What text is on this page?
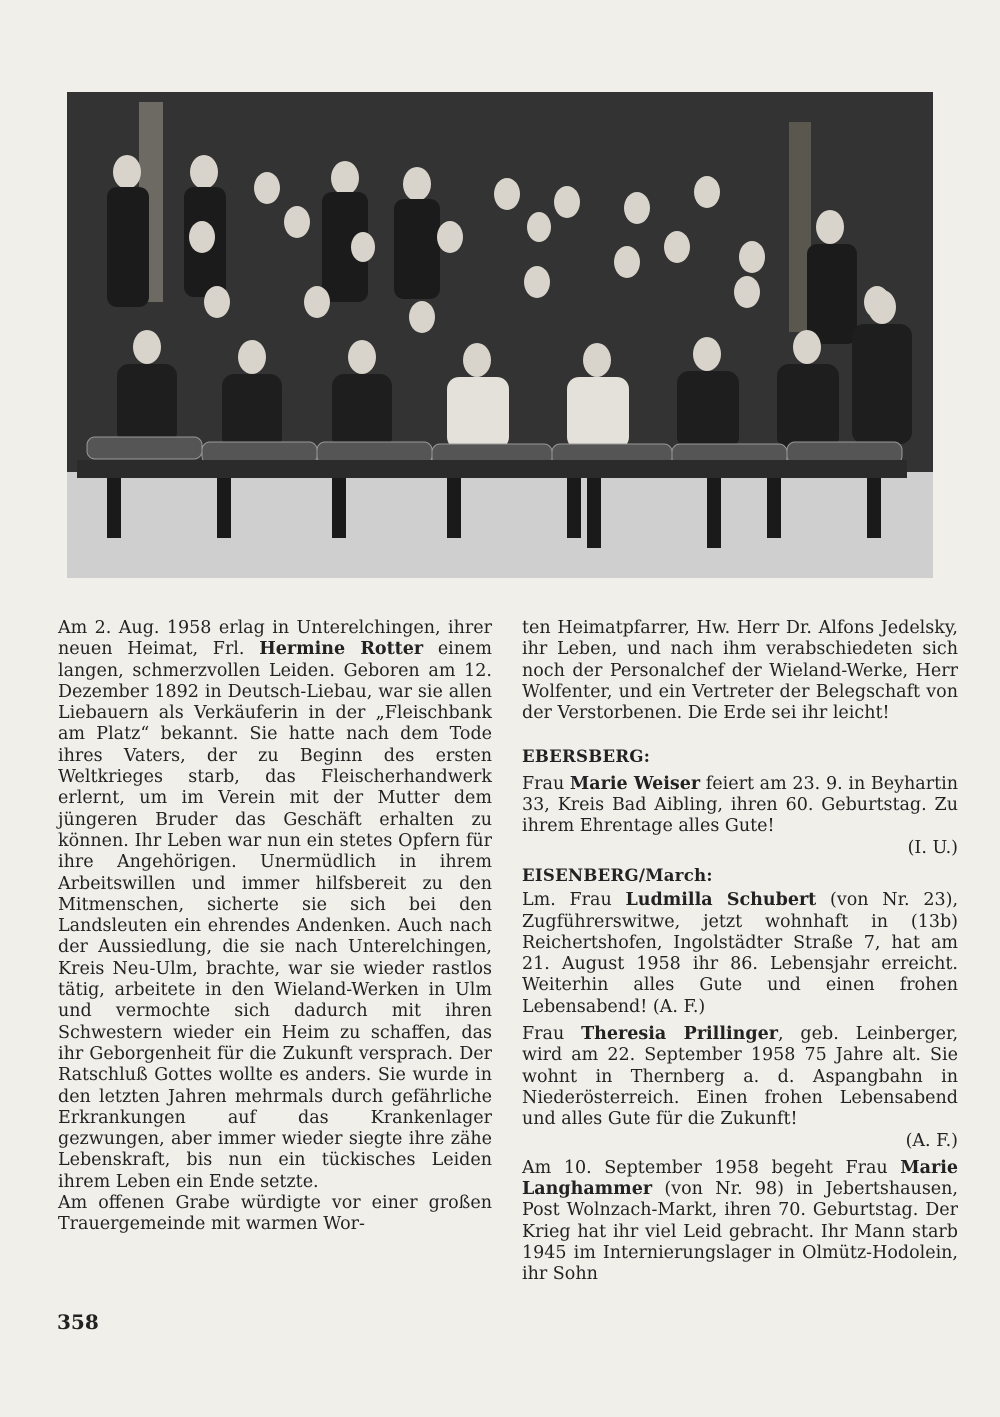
Am 2. Aug. 1958 erlag in Unterelchingen, ihrer neuen Heimat, Frl. Hermine Rotter einem langen, schmerzvollen Leiden. Geboren am 12. Dezember 1892 in Deutsch-Liebau, war sie allen Liebauern als Verkäuferin in der „Fleischbank am Platz“ bekannt. Sie hatte nach dem Tode ihres Vaters, der zu Beginn des ersten Weltkrieges starb, das Fleischerhandwerk erlernt, um im Verein mit der Mutter dem jüngeren Bruder das Geschäft erhalten zu können. Ihr Leben war nun ein stetes Opfern für ihre Angehörigen. Unermüdlich in ihrem Arbeitswillen und immer hilfsbereit zu den Mitmenschen, sicherte sie sich bei den Landsleuten ein ehrendes Andenken. Auch nach der Aussiedlung, die sie nach Unterelchingen, Kreis Neu-Ulm, brachte, war sie wieder rastlos tätig, arbeitete in den Wieland-Werken in Ulm und vermochte sich dadurch mit ihren Schwestern wieder ein Heim zu schaffen, das ihr Geborgenheit für die Zukunft versprach. Der Ratschluß Gottes wollte es anders. Sie wurde in den letzten Jahren mehrmals durch gefährliche Erkrankungen auf das Krankenlager gezwungen, aber immer wieder siegte ihre zähe Lebenskraft, bis nun ein tückisches Leiden ihrem Leben ein Ende setzte.

Am offenen Grabe würdigte vor einer großen Trauergemeinde mit warmen Wor-

ten Heimatpfarrer, Hw. Herr Dr. Alfons Jedelsky, ihr Leben, und nach ihm verabschiedeten sich noch der Personalchef der Wieland-Werke, Herr Wolfenter, und ein Vertreter der Belegschaft von der Verstorbenen. Die Erde sei ihr leicht!

EBERSBERG:

Frau Marie Weiser feiert am 23. 9. in Beyhartin 33, Kreis Bad Aibling, ihren 60. Geburtstag. Zu ihrem Ehrentage alles Gute!

(I. U.)

EISENBERG/March:

Lm. Frau Ludmilla Schubert (von Nr. 23), Zugführerswitwe, jetzt wohnhaft in (13b) Reichertshofen, Ingolstädter Straße 7, hat am 21. August 1958 ihr 86. Lebensjahr erreicht. Weiterhin alles Gute und einen frohen Lebensabend! (A. F.)

Frau Theresia Prillinger, geb. Leinberger, wird am 22. September 1958 75 Jahre alt. Sie wohnt in Thernberg a. d. Aspangbahn in Niederösterreich. Einen frohen Lebensabend und alles Gute für die Zukunft!

(A. F.)

Am 10. September 1958 begeht Frau Marie Langhammer (von Nr. 98) in Jebertshausen, Post Wolnzach-Markt, ihren 70. Geburtstag. Der Krieg hat ihr viel Leid gebracht. Ihr Mann starb 1945 im Internierungslager in Olmütz-Hodolein, ihr Sohn

358
